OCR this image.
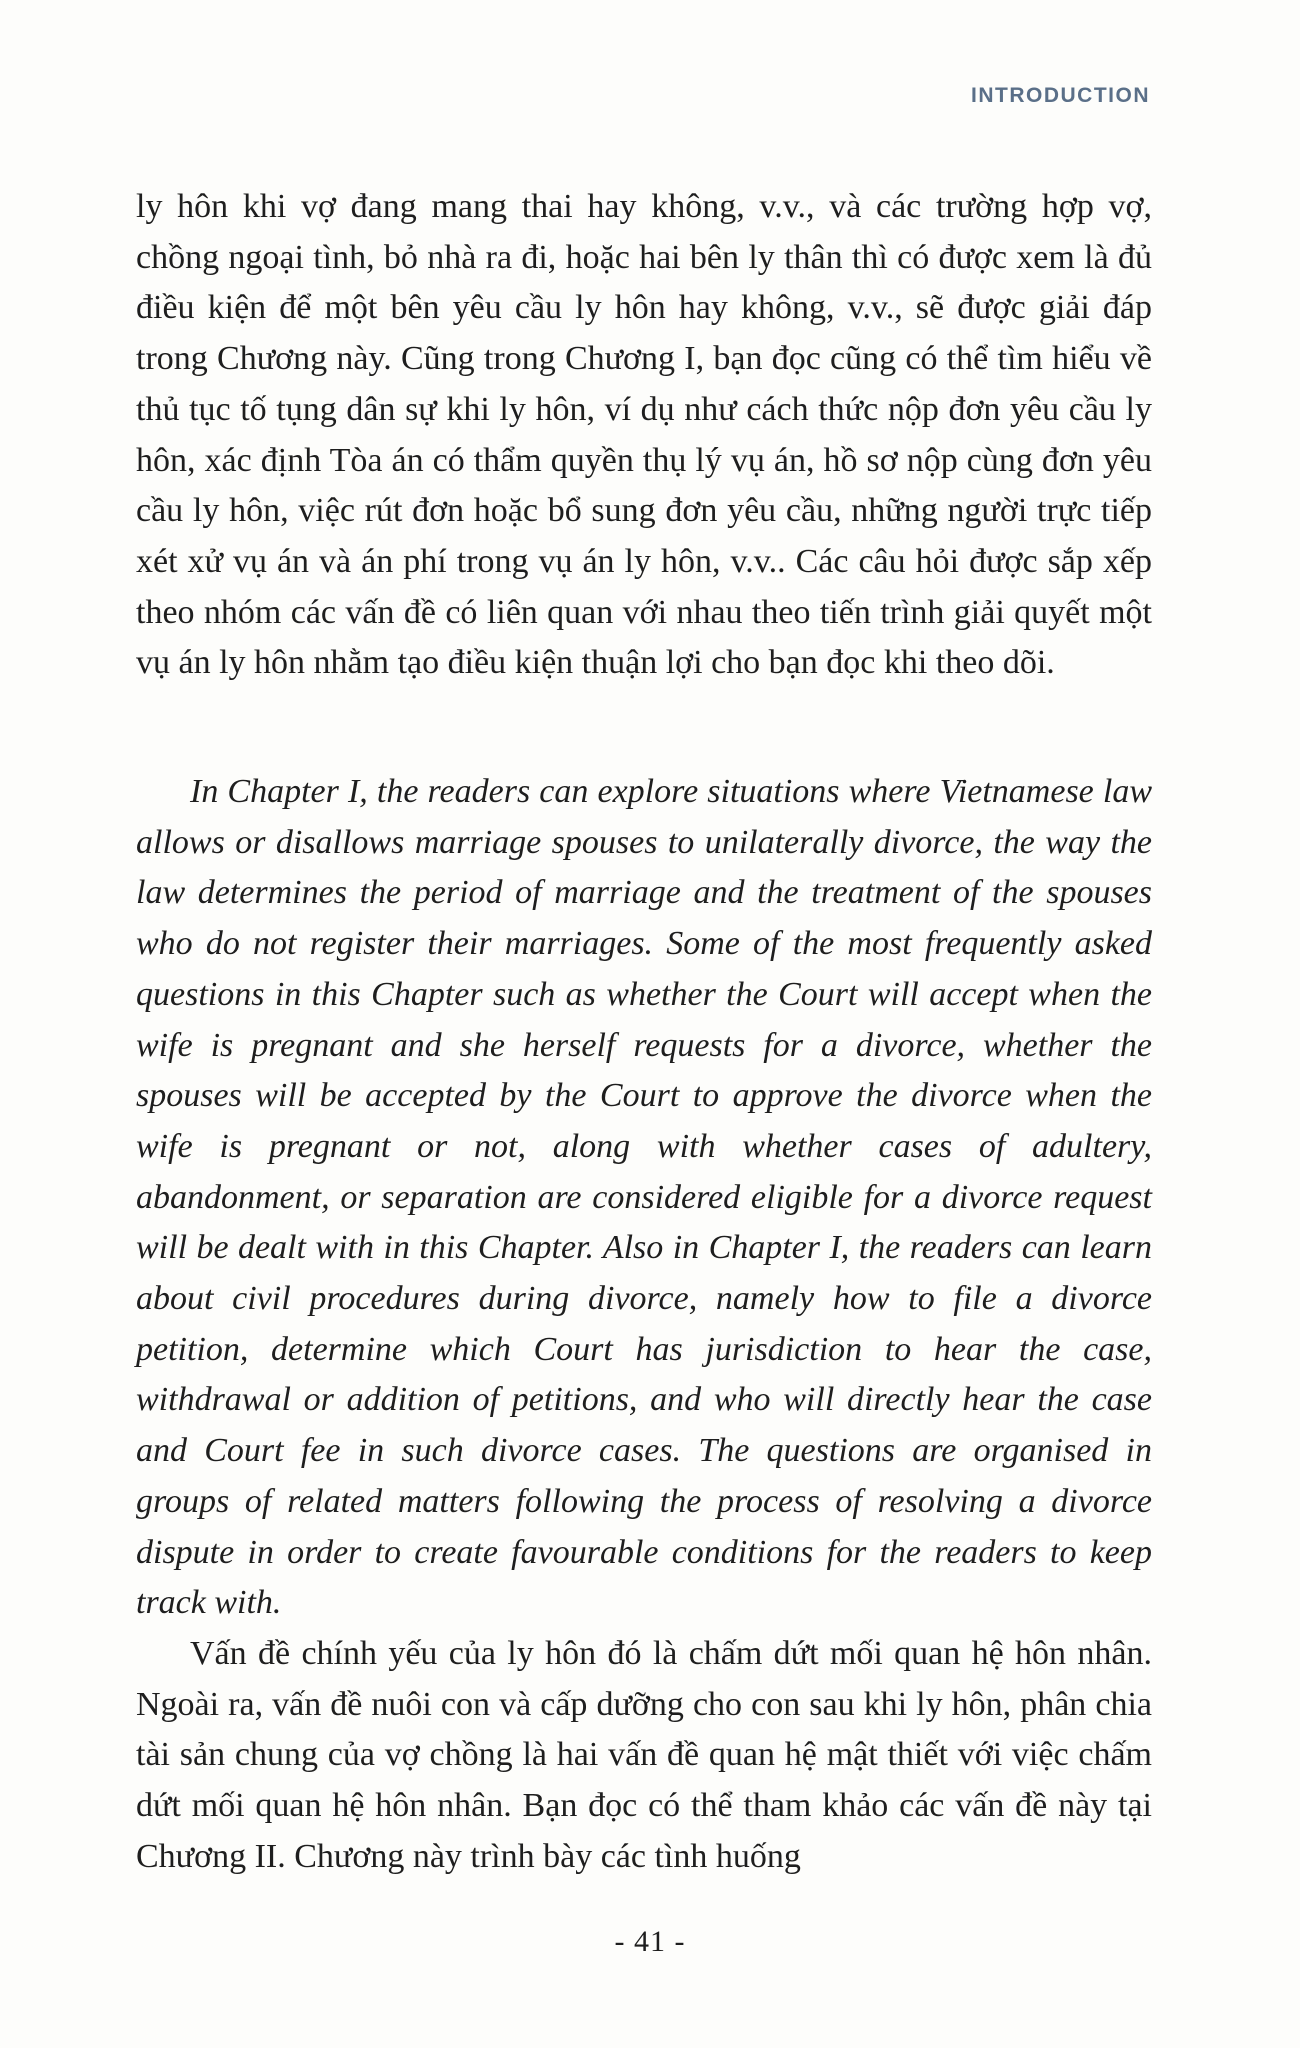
INTRODUCTION

ly hôn khi vợ đang mang thai hay không, v.v., và các trường hợp vợ, chồng ngoại tình, bỏ nhà ra đi, hoặc hai bên ly thân thì có được xem là đủ điều kiện để một bên yêu cầu ly hôn hay không, v.v., sẽ được giải đáp trong Chương này. Cũng trong Chương I, bạn đọc cũng có thể tìm hiểu về thủ tục tố tụng dân sự khi ly hôn, ví dụ như cách thức nộp đơn yêu cầu ly hôn, xác định Tòa án có thẩm quyền thụ lý vụ án, hồ sơ nộp cùng đơn yêu cầu ly hôn, việc rút đơn hoặc bổ sung đơn yêu cầu, những người trực tiếp xét xử vụ án và án phí trong vụ án ly hôn, v.v.. Các câu hỏi được sắp xếp theo nhóm các vấn đề có liên quan với nhau theo tiến trình giải quyết một vụ án ly hôn nhằm tạo điều kiện thuận lợi cho bạn đọc khi theo dõi.

In Chapter I, the readers can explore situations where Vietnamese law allows or disallows marriage spouses to unilaterally divorce, the way the law determines the period of marriage and the treatment of the spouses who do not register their marriages. Some of the most frequently asked questions in this Chapter such as whether the Court will accept when the wife is pregnant and she herself requests for a divorce, whether the spouses will be accepted by the Court to approve the divorce when the wife is pregnant or not, along with whether cases of adultery, abandonment, or separation are considered eligible for a divorce request will be dealt with in this Chapter. Also in Chapter I, the readers can learn about civil procedures during divorce, namely how to file a divorce petition, determine which Court has jurisdiction to hear the case, withdrawal or addition of petitions, and who will directly hear the case and Court fee in such divorce cases. The questions are organised in groups of related matters following the process of resolving a divorce dispute in order to create favourable conditions for the readers to keep track with.

Vấn đề chính yếu của ly hôn đó là chấm dứt mối quan hệ hôn nhân. Ngoài ra, vấn đề nuôi con và cấp dưỡng cho con sau khi ly hôn, phân chia tài sản chung của vợ chồng là hai vấn đề quan hệ mật thiết với việc chấm dứt mối quan hệ hôn nhân. Bạn đọc có thể tham khảo các vấn đề này tại Chương II. Chương này trình bày các tình huống

- 41 -
